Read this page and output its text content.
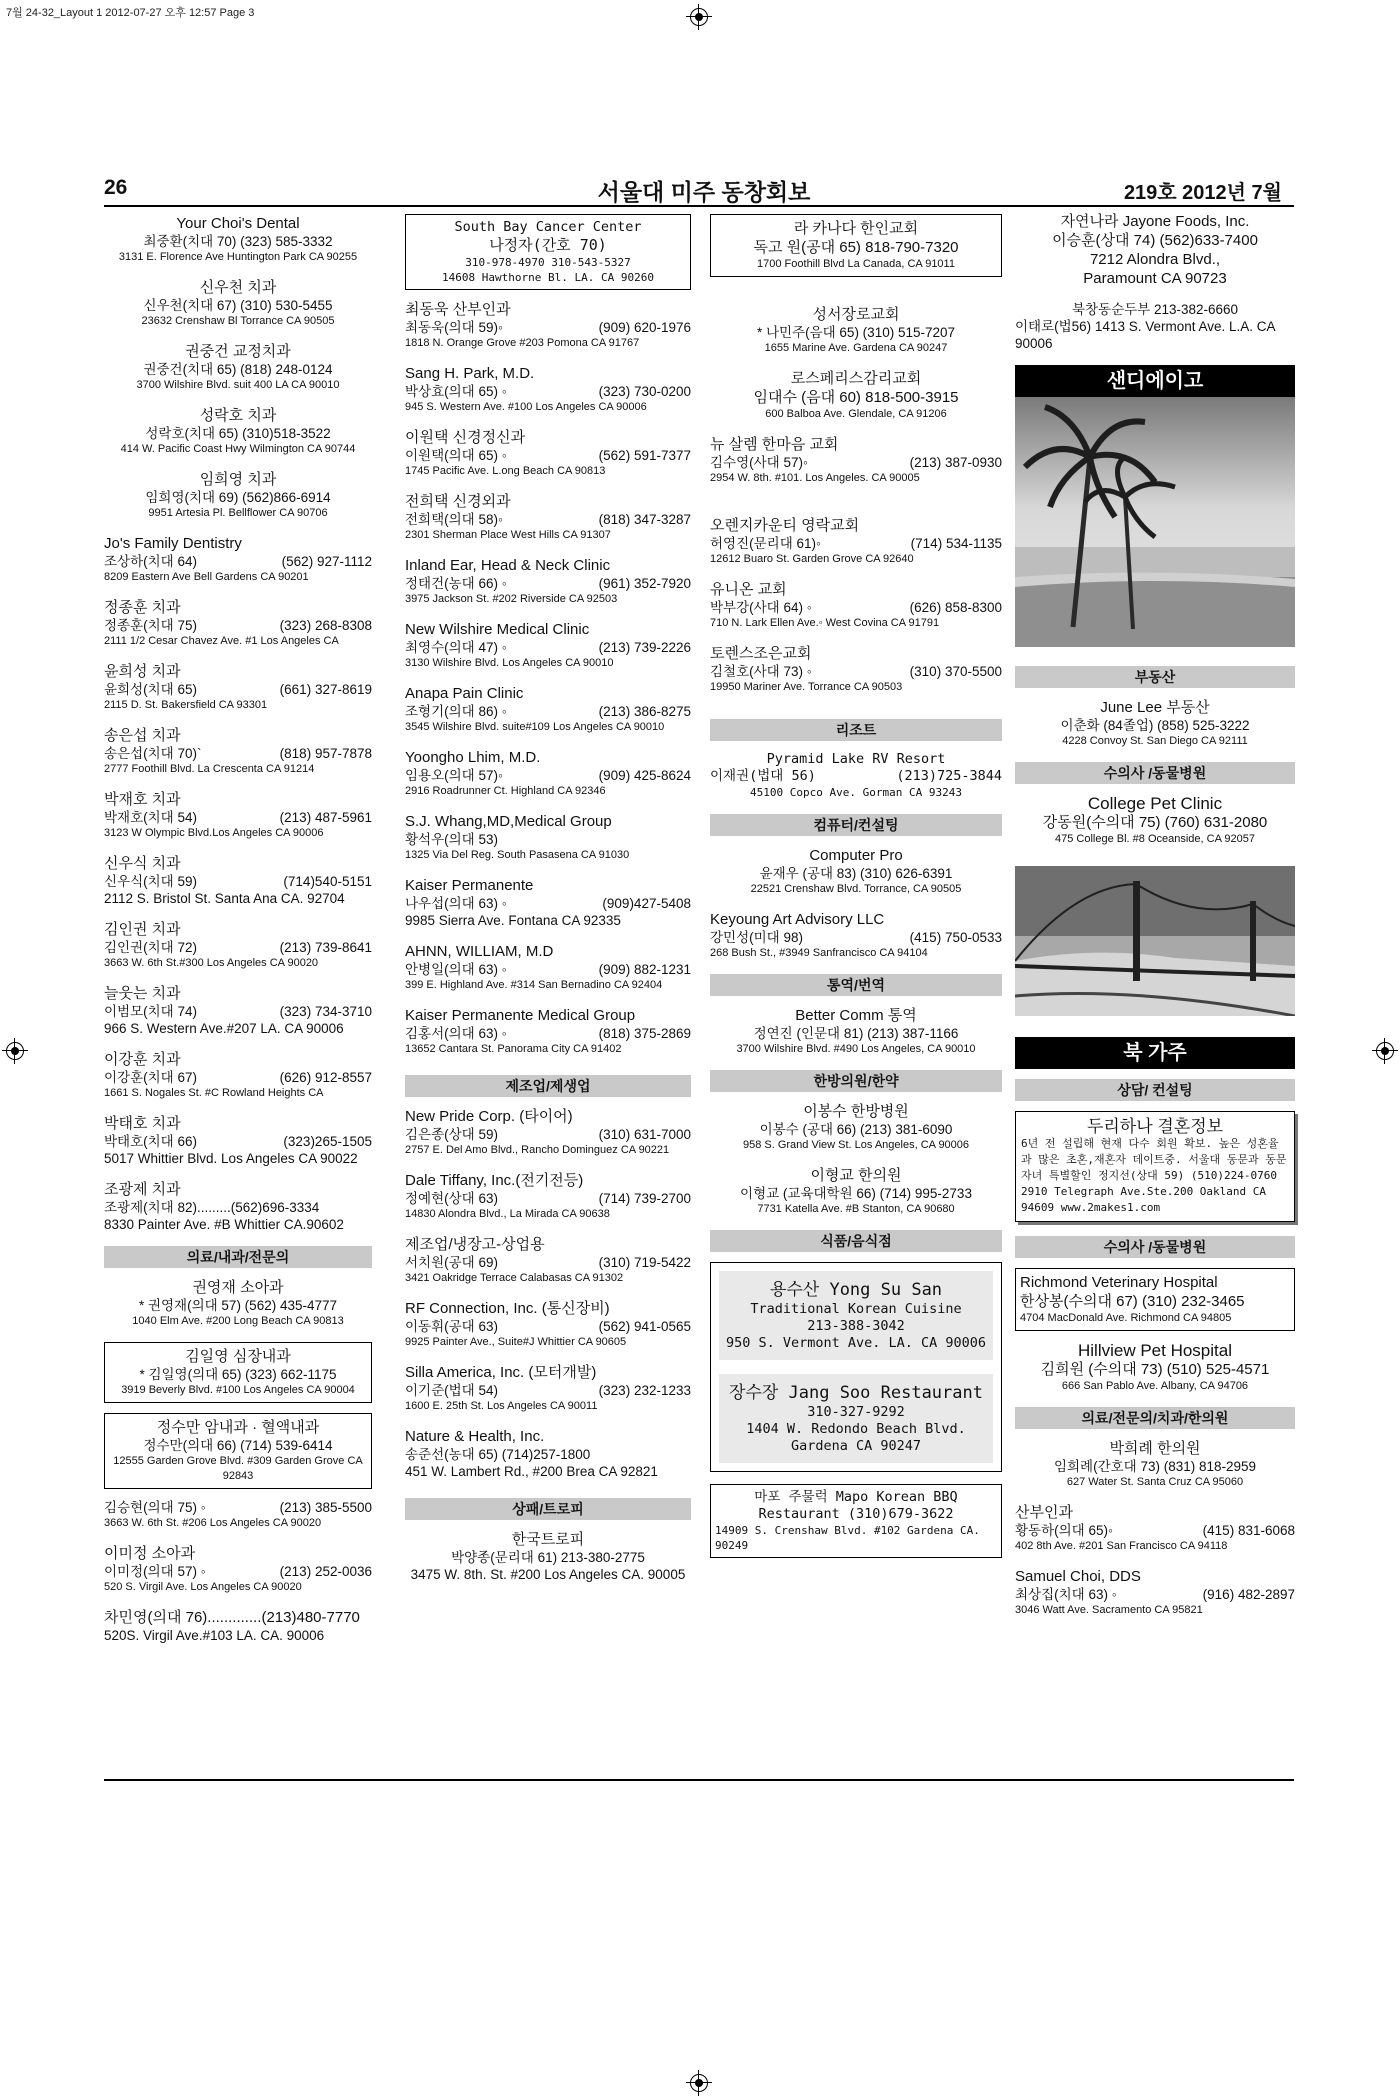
7월 24-32_Layout 1 2012-07-27 오후 12:57 Page 3
26	서울대 미주 동창회보	219호 2012년 7월
Your Choi's Dental
최중환(치대 70) (323) 585-3332
3131 E. Florence Ave Huntington Park CA 90255
신우천 치과
신우천(치대 67) (310) 530-5455
23632 Crenshaw Bl Torrance CA 90505
권중건 교정치과
권중건(치대 65) (818) 248-0124
3700 Wilshire Blvd. suit 400 LA CA 90010
성락호 치과
성락호(치대 65) (310)518-3522
414 W. Pacific Coast Hwy Wilmington CA 90744
임희영 치과
임희영(치대 69) (562)866-6914
9951 Artesia Pl. Bellflower CA 90706
Jo's Family Dentistry
조상하(치대 64)	(562) 927-1112
8209 Eastern Ave Bell Gardens CA 90201
정종훈 치과
정종훈(치대 75)	(323) 268-8308
2111 1/2 Cesar Chavez Ave. #1 Los Angeles CA
윤희성 치과
윤희성(치대 65)	(661) 327-8619
2115 D. St. Bakersfield CA 93301
송은섭 치과
송은섭(치대 70)`	(818) 957-7878
2777 Foothill Blvd. La Crescenta CA 91214
박재호 치과
박재호(치대 54)	(213) 487-5961
3123 W Olympic Blvd.Los Angeles CA 90006
신우식 치과
신우식(치대 59)	(714)540-5151
2112 S. Bristol St. Santa Ana CA. 92704
김인권 치과
김인권(치대 72)	(213) 739-8641
3663 W. 6th St.#300 Los Angeles CA 90020
늘웃는 치과
이범모(치대 74)	(323) 734-3710
966 S. Western Ave.#207 LA. CA 90006
이강훈 치과
이강훈(치대 67)	(626) 912-8557
1661 S. Nogales St. #C Rowland Heights CA
박태호 치과
박태호(치대 66)	(323)265-1505
5017 Whittier Blvd. Los Angeles CA 90022
조광제 치과
조광제(치대 82).........(562)696-3334
8330 Painter Ave. #B Whittier CA.90602
의료/내과/전문의
권영재 소아과
* 권영재(의대 57) (562) 435-4777
1040 Elm Ave. #200 Long Beach CA 90813
김일영 심장내과
* 김일영(의대 65) (323) 662-1175
3919 Beverly Blvd. #100 Los Angeles CA 90004
정수만 암내과 · 혈액내과
정수만(의대 66) (714) 539-6414
12555 Garden Grove Blvd. #309 Garden Grove CA 92843
김승현(의대 75) ◦	(213) 385-5500
3663 W. 6th St. #206 Los Angeles CA 90020
이미정 소아과
이미정(의대 57) ◦	(213) 252-0036
520 S. Virgil Ave. Los Angeles CA 90020
차민영(의대 76).............(213)480-7770
520S. Virgil Ave.#103 LA. CA. 90006
South Bay Cancer Center
나정자(간호 70)
310-978-4970 310-543-5327
14608 Hawthorne Bl. LA. CA 90260
최동욱 산부인과
최동욱(의대 59)◦	(909) 620-1976
1818 N. Orange Grove #203 Pomona CA 91767
Sang H. Park, M.D.
박상효(의대 65) ◦	(323) 730-0200
945 S. Western Ave. #100 Los Angeles CA 90006
이원택 신경정신과
이원택(의대 65) ◦	(562) 591-7377
1745 Pacific Ave. L.ong Beach CA 90813
전희택 신경외과
전희택(의대 58)◦	(818) 347-3287
2301 Sherman Place West Hills CA 91307
Inland Ear, Head & Neck Clinic
정태건(농대 66) ◦	(961) 352-7920
3975 Jackson St. #202 Riverside CA 92503
New Wilshire Medical Clinic
최영수(의대 47) ◦	(213) 739-2226
3130 Wilshire Blvd. Los Angeles CA 90010
Anapa Pain Clinic
조형기(의대 86) ◦	(213) 386-8275
3545 Wilshire Blvd. suite#109 Los Angeles CA 90010
Yoongho Lhim, M.D.
임용오(의대 57)◦	(909) 425-8624
2916 Roadrunner Ct. Highland CA 92346
S.J. Whang,MD,Medical Group
황석우(의대 53)
1325 Via Del Reg. South Pasasena CA 91030
Kaiser Permanente
나우섭(의대 63) ◦	(909)427-5408
9985 Sierra Ave. Fontana CA 92335
AHNN, WILLIAM, M.D
안병일(의대 63) ◦	(909) 882-1231
399 E. Highland Ave. #314 San Bernadino CA 92404
Kaiser Permanente Medical Group
김홍서(의대 63) ◦	(818) 375-2869
13652 Cantara St. Panorama City CA 91402
제조업/제생업
New Pride Corp. (타이어)
김은종(상대 59)	(310) 631-7000
2757 E. Del Amo Blvd., Rancho Dominguez CA 90221
Dale Tiffany, Inc.(전기전등)
정예현(상대 63)	(714) 739-2700
14830 Alondra Blvd., La Mirada CA 90638
제조업/냉장고-상업용
서치원(공대 69)	(310) 719-5422
3421 Oakridge Terrace Calabasas CA 91302
RF Connection, Inc. (통신장비)
이동휘(공대 63)	(562) 941-0565
9925 Painter Ave., Suite#J Whittier CA 90605
Silla America, Inc. (모터개발)
이기준(법대 54)	(323) 232-1233
1600 E. 25th St. Los Angeles CA 90011
Nature & Health, Inc.
송준선(농대 65) (714)257-1800
451 W. Lambert Rd., #200 Brea CA 92821
상패/트로피
한국트로피
박양종(문리대 61) 213-380-2775
3475 W. 8th. St. #200 Los Angeles CA. 90005
라 카나다 한인교회
독고 원(공대 65) 818-790-7320
1700 Foothill Blvd La Canada, CA 91011
성서장로교회
* 나민주(음대 65) (310) 515-7207
1655 Marine Ave. Gardena CA 90247
로스페리스감리교회
임대수 (음대 60) 818-500-3915
600 Balboa Ave. Glendale, CA 91206
뉴 살렘 한마음 교회
김수영(사대 57)◦	(213) 387-0930
2954 W. 8th. #101. Los Angeles. CA 90005
오렌지카운티 영락교회
허영진(문리대 61)◦	(714) 534-1135
12612 Buaro St. Garden Grove CA 92640
유니온 교회
박부강(사대 64) ◦	(626) 858-8300
710 N. Lark Ellen Ave.◦ West Covina CA 91791
토렌스조은교회
김철호(사대 73) ◦	(310) 370-5500
19950 Mariner Ave. Torrance CA 90503
리조트
Pyramid Lake RV Resort
이재권(법대 56)	(213)725-3844
45100 Copco Ave. Gorman CA 93243
컴퓨터/컨설팅
Computer Pro
윤재우 (공대 83) (310) 626-6391
22521 Crenshaw Blvd. Torrance, CA 90505
Keyoung Art Advisory LLC
강민성(미대 98)	(415) 750-0533
268 Bush St., #3949 Sanfrancisco CA 94104
통역/번역
Better Comm 통역
정연진 (인문대 81) (213) 387-1166
3700 Wilshire Blvd. #490 Los Angeles, CA 90010
한방의원/한약
이봉수 한방병원
이봉수 (공대 66) (213) 381-6090
958 S. Grand View St. Los Angeles, CA 90006
이형교 한의원
이형교 (교육대학원 66) (714) 995-2733
7731 Katella Ave. #B Stanton, CA 90680
식품/음식점
용수산 Yong Su San
Traditional Korean Cuisine
213-388-3042
950 S. Vermont Ave. LA. CA 90006
장수장 Jang Soo Restaurant
310-327-9292
1404 W. Redondo Beach Blvd.
Gardena CA 90247
마포 주물럭 Mapo Korean BBQ
Restaurant (310)679-3622
14909 S. Crenshaw Blvd. #102 Gardena CA. 90249
자연나라 Jayone Foods, Inc.
이승훈(상대 74) (562)633-7400
7212 Alondra Blvd.,
Paramount CA 90723
북창동순두부 213-382-6660
이태로(법56) 1413 S. Vermont Ave. L.A. CA 90006
샌디에이고
부동산
June Lee 부동산
이춘화 (84졸업) (858) 525-3222
4228 Convoy St. San Diego CA 92111
수의사 /동물병원
College Pet Clinic
강동원(수의대 75) (760) 631-2080
475 College Bl. #8 Oceanside, CA 92057
북 가주
상담/ 컨설팅
두리하나 결혼정보
6년 전 설립해 현재 다수 회원 확보. 높은 성혼율과 많은 초혼,재혼자 데이트중. 서울대 동문과 동문자녀 특별할인 정지선(상대 59) (510)224-0760 2910 Telegraph Ave.Ste.200 Oakland CA 94609 www.2makes1.com
수의사 /동물병원
Richmond Veterinary Hospital
한상봉(수의대 67) (310) 232-3465
4704 MacDonald Ave. Richmond CA 94805
Hillview Pet Hospital
김희원 (수의대 73) (510) 525-4571
666 San Pablo Ave. Albany, CA 94706
의료/전문의/치과/한의원
박희례 한의원
임희례(간호대 73) (831) 818-2959
627 Water St. Santa Cruz CA 95060
산부인과
황동하(의대 65)◦	(415) 831-6068
402 8th Ave. #201 San Francisco CA 94118
Samuel Choi, DDS
최상집(치대 63) ◦	(916) 482-2897
3046 Watt Ave. Sacramento CA 95821
